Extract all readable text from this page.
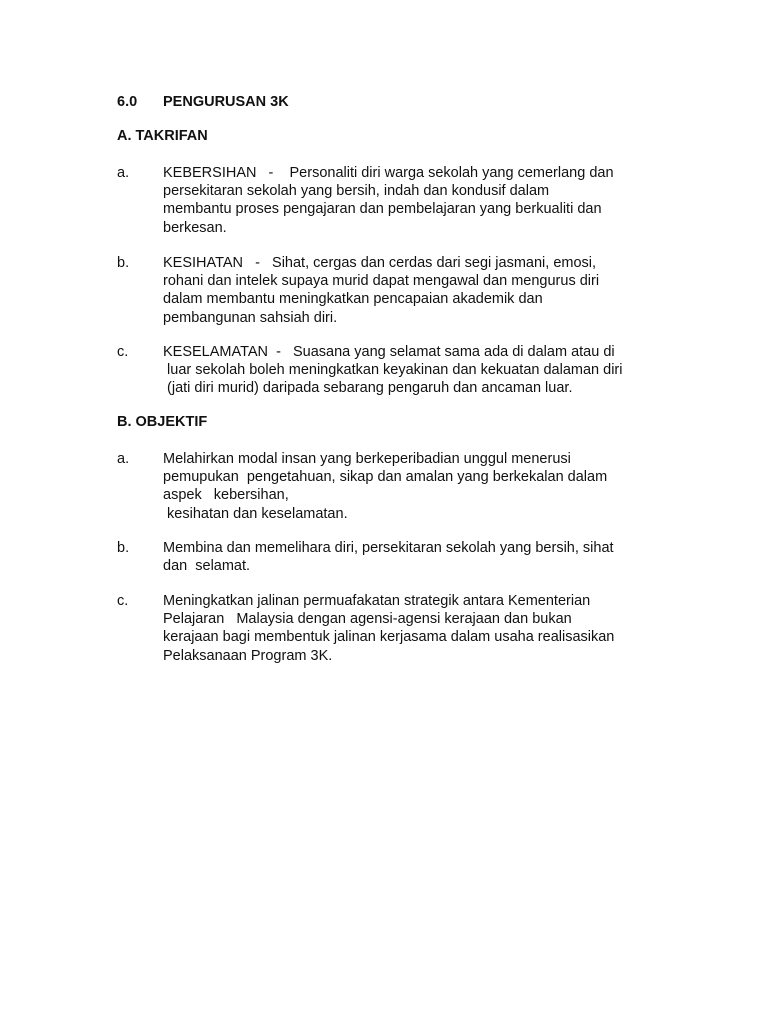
6.0 PENGURUSAN 3K
A. TAKRIFAN
a. KEBERSIHAN   -    Personaliti diri warga sekolah yang cemerlang dan
persekitaran sekolah yang bersih, indah dan kondusif dalam
membantu proses pengajaran dan pembelajaran yang berkualiti dan
berkesan.
b. KESIHATAN   -   Sihat, cergas dan cerdas dari segi jasmani, emosi,
rohani dan intelek supaya murid dapat mengawal dan mengurus diri
dalam membantu meningkatkan pencapaian akademik dan
pembangunan sahsiah diri.
c. KESELAMATAN  -   Suasana yang selamat sama ada di dalam atau di
luar sekolah boleh meningkatkan keyakinan dan kekuatan dalaman diri
(jati diri murid) daripada sebarang pengaruh dan ancaman luar.
B. OBJEKTIF
a. Melahirkan modal insan yang berkeperibadian unggul menerusi
pemupukan  pengetahuan, sikap dan amalan yang berkekalan dalam
aspek   kebersihan,
kesihatan dan keselamatan.
b. Membina dan memelihara diri, persekitaran sekolah yang bersih, sihat
dan  selamat.
c. Meningkatkan jalinan permuafakatan strategik antara Kementerian
Pelajaran   Malaysia dengan agensi-agensi kerajaan dan bukan
kerajaan bagi membentuk jalinan kerjasama dalam usaha realisasikan
Pelaksanaan Program 3K.
